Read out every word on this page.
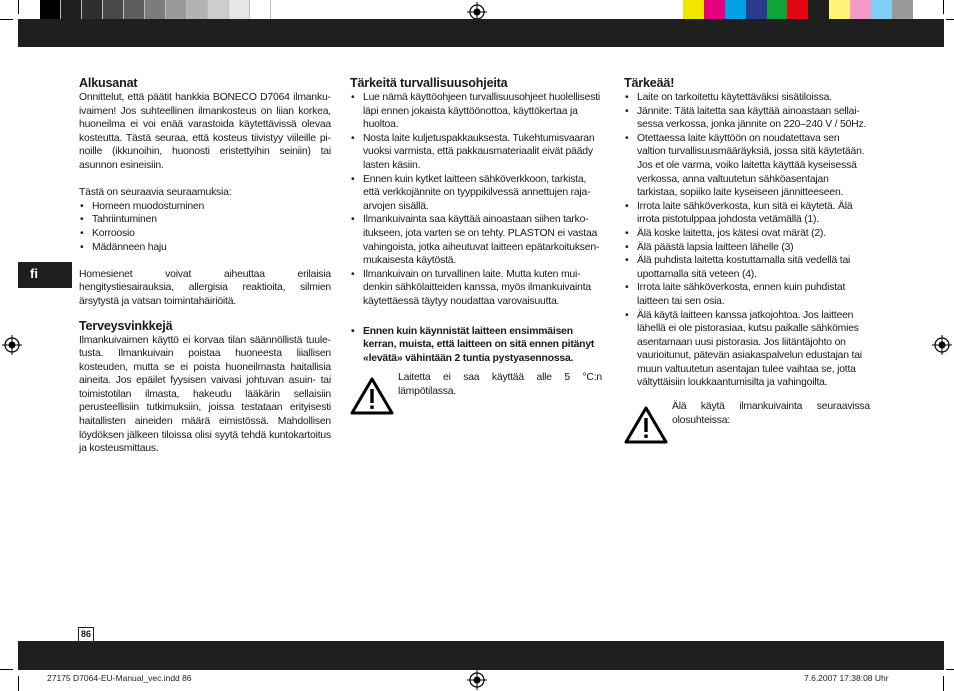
fi
Alkusanat

Onnittelut, että päätit hankkia BONECO D7064 ilmankuivaimen! Jos suhteellinen ilmankosteus on liian korkea, huoneilma ei voi enää varastoida käytettävissä olevaa kosteutta. Tästä seuraa, että kosteus tiivistyy viileille pinoille (ikkunoihin, huonosti eristettyihin seiniin) tai asunnon esineisiin.

Tästä on seuraavia seuraamuksia:

• Homeen muodostuminen
• Tahriintuminen
• Korroosio
• Mädänneen haju

Homesienet voivat aiheuttaa erilaisia hengitystiesairauksia, allergisia reaktioita, silmien ärsytystä ja vatsan toimintahäiriöitä.

Terveysvinkkejä

Ilmankuivaimen käyttö ei korvaa tilan säännöllistä tuuletusta. Ilmankuivain poistaa huoneesta liiallisen kosteuden, mutta se ei poista huoneilmasta haitallisia aineita. Jos epäilet fyysisen vaivasi johtuvan asuin- tai toimistotilan ilmasta, hakeudu lääkärin sellaisiin perusteellisiin tutkimuksiin, joissa testataan erityisesti haitallisten aineiden määrä eimistössä. Mahdollisen löydöksen jälkeen tiloissa olisi syytä tehdä kuntokartoitus ja kosteusmittaus.

Tärkeitä turvallisuusohjeita
• Lue nämä käyttöohjeen turvallisuusohjeet huolellisesti läpi ennen jokaista käyttöönottoa, käyttökertaa ja huoltoa.
• Nosta laite kuljetuspakkauksesta. Tukehtumisvaaran vuoksi varmista, että pakkausmateriaalit eivät päädy lasten käsiin.
• Ennen kuin kytket laitteen sähköverkkoon, tarkista, että verkkojännite on tyyppikilvessä annettujen raja-arvojen sisällä.
• Ilmankuivainta saa käyttää ainoastaan siihen tarkoitukseen, jota varten se on tehty. PLASTON ei vastaa vahingoista, jotka aiheutuvat laitteen epätarkoituksenmukaisesta käytöstä.
• Ilmankuivain on turvallinen laite. Mutta kuten muidenkin sähkölaitteiden kanssa, myös ilmankuivainta käytettäessä täytyy noudattaa varovaisuutta.
• Ennen kuin käynnistät laitteen ensimmäisen kerran, muista, että laitteen on sitä ennen pitänyt «levätä» vähintään 2 tuntia pystyasennossa.

Laitetta ei saa käyttää alle 5 °C:n lämpötilassa.

Tärkeää!
• Laite on tarkoitettu käytettäväksi sisätiloissa.
• Jännite: Tätä laitetta saa käyttää ainoastaan sellaisessa verkossa, jonka jännite on 220–240 V / 50Hz.
• Otettaessa laite käyttöön on noudatettava sen valtion turvallisuusmääräyksiä, jossa sitä käytetään. Jos et ole varma, voiko laitetta käyttää kyseisessä verkossa, anna valtuutetun sähköasentajan tarkistaa, sopiiko laite kyseiseen jännitteeseen.
• Irrota laite sähköverkosta, kun sitä ei käytetä. Älä irrota pistotulppaa johdosta vetämällä (1).
• Älä koske laitetta, jos kätesi ovat märät (2).
• Älä päästä lapsia laitteen lähelle (3)
• Älä puhdista laitetta kostuttamalla sitä vedellä tai upottamalla sitä veteen (4).
• Irrota laite sähköverkosta, ennen kuin puhdistat laitteen tai sen osia.
• Älä käytä laitteen kanssa jatkojohtoa. Jos laitteen lähellä ei ole pistorasiaa, kutsu paikalle sähkömies asentamaan uusi pistorasia. Jos liitäntäjohto on vaurioitunut, pätevän asiakaspalvelun edustajan tai muun valtuutetun asentajan tulee vaihtaa se, jotta vältyttäisiin loukkaantumisilta ja vahingoilta.

Älä käytä ilmankuivainta seuraavissa olosuhteissa:

86
27175 D7064-EU-Manual_vec.indd 86	7.6.2007 17:38:08 Uhr
